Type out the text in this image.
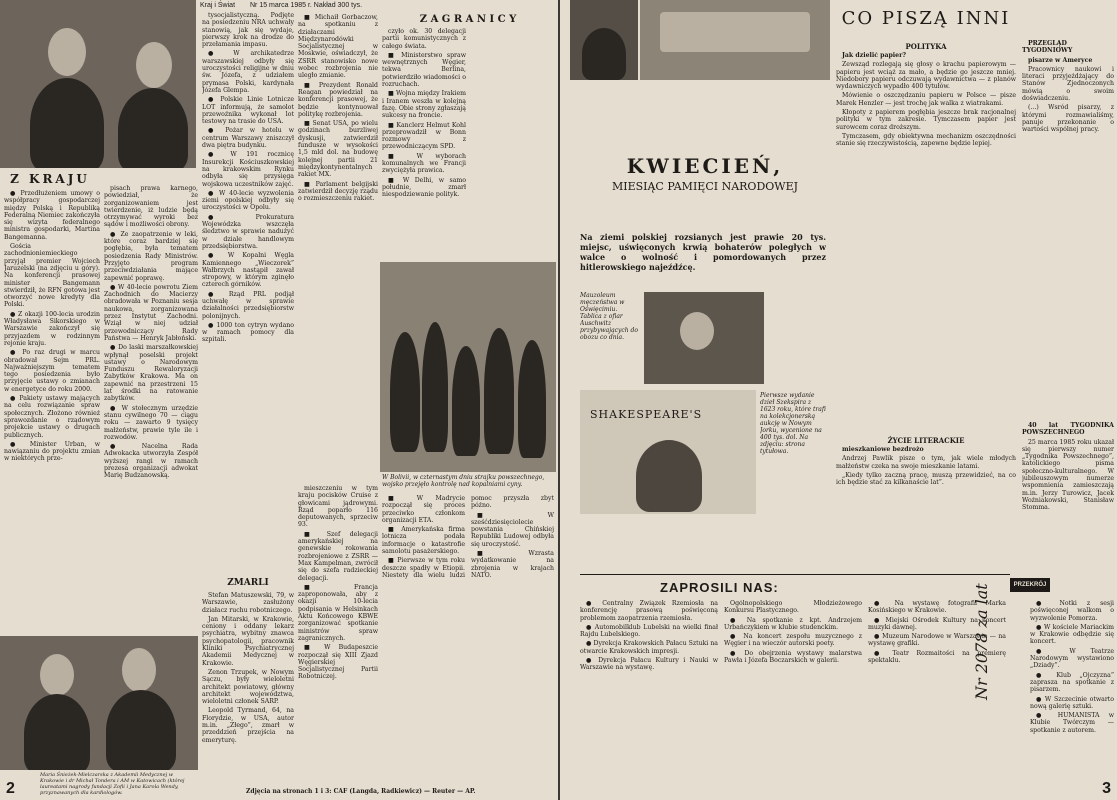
Kraj i Świat Nr 15 marca 1985 r. Nakład 300 tys.
Z KRAJU

● Przedłużeniem umowy o współpracy gospodarczej między Polską i Republiką Federalną Niemiec zakończyła się wizyta federalnego ministra gospodarki, Martina Bangemanna.

Gościa zachodnioniemieckiego przyjął premier Wojciech Jaruzelski (na zdjęciu u góry). Na konferencji prasowej minister Bangemann stwierdził, że RFN gotowa jest otworzyć nowe kredyty dla Polski.

● Z okazji 100-lecia urodzin Władysława Sikorskiego w Warszawie zakończył się przyjazdem w rodzinnym rejonie kraju.

● Po raz drugi w marcu obradował Sejm PRL. Najważniejszym tematem tego posiedzenia było przyjęcie ustawy o zmianach w energetyce do roku 2000.

● Pakiety ustawy mających na celu rozwiązanie spraw społecznych. Złożono również sprawozdanie o rządowym projekcie ustawy o drugach publicznych.

● Minister Urban, w nawiązaniu do projektu zmian w niektórych prze-

pisach prawa karnego, powiedział, że zorganizowaniem jest twierdzenie, iż ludzie będą otrzymywać wyroki bez sądów i możliwości obrony.

● Ze zaopatrzenie w leki, które coraz bardziej się pogłębia, była tematem posiedzenia Rady Ministrów. Przyjęto program przeciwdziałania mające zapewnić poprawę.

● W 40-lecie powrotu Ziem Zachodnich do Macierzy obradowała w Poznaniu sesja naukowa, zorganizowana przez Instytut Zachodni. Wziął w niej udział przewodniczący Rady Państwa — Henryk Jabłoński.

● Do laski marszałkowskiej wpłynął poselski projekt ustawy o Narodowym Funduszu Rewaloryzacji Zabytków Krakowa. Ma on zapewnić na przestrzeni 15 lat środki na ratowanie zabytków.

● W stołecznym urzędzie stanu cywilnego 70 — ciągu roku — zawarto 9 tysięcy małżeństw, prawie tyle ile i rozwodów.

● Nacelna Rada Adwokacka utworzyła Zespół wyższej rangi w ramach prezesa organizacji adwokat Marię Budzanowską.

tysocjalistyczną. Podjęte na posiedzeniu NRA uchwały stanowią, jak się wydaje, pierwszy krok na drodze do przełamania impasu.

● W archikatedrze warszawskiej odbyły się uroczystości religijne w dniu św. Józefa, z udziałem prymasa Polski, kardynała Józefa Glempa.

● Polskie Linie Lotnicze LOT informują, że samolot przewoźnika wykonał lot testowy na trasie do USA.

● Pożar w hotelu w centrum Warszawy zniszczył dwa piętra budynku.

● W 191 rocznicę Insurekcji Kościuszkowskiej na krakowskim Rynku odbyła się przysięga wojskowa uczestników zajęć.

● W 40-lecie wyzwolenia ziemi opolskiej odbyły się uroczystości w Opolu.

● Prokuratura Wojewódzka wszczęła śledztwo w sprawie nadużyć w dziale handlowym przedsiębiorstwa.

● W Kopalni Węgla Kamiennego „Wieczorek” Wałbrzych nastąpił zawał stropowy, w którym zginęło czterech górników.

● Rząd PRL podjął uchwałę w sprawie działalności przedsiębiorstw polonijnych.

● 1000 ton cytryn wydano w ramach pomocy dla szpitali.

Z A G R A N I C Y

■ Michaił Gorbaczow, na spotkaniu z działaczami Międzynarodówki Socjalistycznej w Moskwie, oświadczył, że ZSRR stanowisko nowe wobec rozbrojenia nie uległo zmianie.

■ Prezydent Ronald Reagan powiedział na konferencji prasowej, że będzie kontynuował politykę rozbrojenia.

■ Senat USA, po wielu godzinach burzliwej dyskusji, zatwierdził fundusze w wysokości 1,5 mld dol. na budowę kolejnej partii 21 międzykontynentalnych rakiet MX.

■ Parlament belgijski zatwierdził decyzję rządu o rozmieszczeniu rakiet.

czyło ok. 30 delegacji partii komunistycznych z całego świata.

■ Ministerstwo spraw wewnętrznych Węgier, tekwa Berlina, potwierdziło wiadomości o rozruchach.

■ Wojna między Irakiem i Iranem weszła w kolejną fazę. Obie strony zgłaszają sukcesy na froncie.

■ Kanclerz Helmut Kohl przeprowadził w Bonn rozmowy z przewodniczącym SPD.

■ W wyborach komunalnych we Francji zwyciężyła prawica.

■ W Delhi, w samo południe, zmarł niespodziewanie polityk.

W Bolivii, w czternastym dniu strajku powszechnego, wojsko przejęło kontrolę nad kopalniami cyny.

mieszczeniu w tym kraju pocisków Cruise z głowicami jądrowymi. Rząd poparło 116 deputowanych, sprzeciw 93.

■ Szef delegacji amerykańskiej na genewskie rokowania rozbrojeniowe z ZSRR — Max Kampelman, zwrócił się do szefa radzieckiej delegacji.

■ Francja zaproponowała, aby z okazji 10-lecia podpisania w Helsinkach Aktu Końcowego KBWE zorganizować spotkanie ministrów spraw zagranicznych.

■ W Budapeszcie rozpoczął się XIII Zjazd Węgierskiej Socjalistycznej Partii Robotniczej.

■ W Madrycie rozpoczął się proces przeciwko członkom organizacji ETA.

■ Amerykańska firma lotnicza podała informacje o katastrofie samolotu pasażerskiego.

■ Pierwsze w tym roku deszcze spadły w Etiopii. Niestety dla wielu ludzi pomoc przyszła zbyt późno.

■ W sześćdziesięciolecie powstania Chińskiej Republiki Ludowej odbyła się uroczystość.

■ Wzrasta wydatkowanie na zbrojenia w krajach NATO.

ZMARLI

Stefan Matuszewski, 79, w Warszawie, zasłużony działacz ruchu robotniczego.

Jan Mitarski, w Krakowie, ceniony i oddany lekarz psychiatra, wybitny znawca psychopatologii, pracownik Kliniki Psychiatrycznej Akademii Medycznej w Krakowie.

Zenon Trzupek, w Nowym Sączu, były wieloletni architekt powiatowy, główny architekt województwa, wieloletni członek SARP.

Leopold Tyrmand, 64, na Florydzie, w USA, autor m.in. „Złego”, zmarł w przeddzień przejścia na emeryturę.

Maria Śnieżek-Mielczarska z Akademii Medycznej w Krakowie i dr Michał Tondera i AM w Katowicach (której laureatami nagrody fundacji Zofii i Jana Karola Wendy, przyznawanych dla kardiologów.
2	Zdjęcia na stronach 1 i 3: CAF (Langda, Radkiewicz) — Reuter — AP.
KWIECIEŃ,
MIESIĄC PAMIĘCI NARODOWEJ
Na ziemi polskiej rozsianych jest prawie 20 tys. miejsc, uświęconych krwią bohaterów poległych w walce o wolność i pomordowanych przez hitlerowskiego najeźdźcę.
Mauzoleum męczeństwa w Oświęcimiu. Tablica z ofiar Auschwitz przybywających do obozu co dnia.
SHAKESPEARE'S
Pierwsze wydanie dzieł Szekspira z 1623 roku, które trafi na kolekcjonerską aukcję w Nowym Jorku, wycenione na 400 tys. dol. Na zdjęciu: strona tytułowa.
CO PISZĄ INNI
POLITYKA

Jak dzielić papier?

Zewsząd rozlegają się głosy o krachu papierowym — papieru jest wciąż za mało, a będzie go jeszcze mniej. Niedobory papieru odczuwają wydawnictwa — z planów wydawniczych wypadło 400 tytułów.

Mówienie o oszczędzaniu papieru w Polsce — pisze Marek Henzler — jest trochę jak walka z wiatrakami.

Kłopoty z papierem pogłębia jeszcze brak racjonalnej polityki w tym zakresie. Tymczasem papier jest surowcem coraz droższym.

Tymczasem, gdy obiektywna mechanizm oszczędności stanie się rzeczywistością, zapewne będzie lepiej.

ŻYCIE LITERACKIE

mieszkaniowe bezdrożo

Andrzej Pawlik pisze o tym, jak wiele młodych małżeństw czeka na swoje mieszkanie latami.

„Kiedy tylko zaczną pracę, muszą przewidzieć, na co ich będzie stać za kilkanaście lat”.

PRZEGLĄD TYGODNIOWY

pisarze w Ameryce

Pracownicy naukowi i literaci przyjeżdżający do Stanów Zjednoczonych mówią o swoim doświadczeniu.

(...) Wsród pisarzy, z którymi rozmawialiśmy, panuje przekonanie o wartości wspólnej pracy.

40 lat TYGODNIKA POWSZECHNEGO

25 marca 1985 roku ukazał się pierwszy numer „Tygodnika Powszechnego”, katolickiego pisma społeczno-kulturalnego. W jubileuszowym numerze wspomnienia zamieszczają m.in. Jerzy Turowicz, Jacek Woźniakowski, Stanisław Stomma.

ZAPROSILI NAS:

● Centralny Związek Rzemiosła na konferencję prasową poświęconą problemom zaopatrzenia rzemiosła.

● Automobilklub Lubelski na wielki finał Rajdu Lubelskiego.

● Dyrekcja Krakowskich Pałacu Sztuki na otwarcie Krakowskich impresji.

● Dyrekcja Pałacu Kultury i Nauki w Warszawie na wystawę.

Ogólnopolskiego Młodzieżowego Konkursu Plastycznego.

● Na spotkanie z kpt. Andrzejem Urbańczykiem w klubie studenckim.

● Na koncert zespołu muzycznego z Węgier i na wieczór autorski poety.

● Do obejrzenia wystawy malarstwa Pawła i Józefa Boczarskich w galerii.

● Na wystawę fotografii Marka Kosińskiego w Krakowie.

● Miejski Ośrodek Kultury na koncert muzyki dawnej.

● Muzeum Narodowe w Warszawie — na wystawę grafiki.

● Teatr Rozmaitości na premierę spektaklu.

PRZEKRÓJ
Nr 2078 za lat	● Notki z sesji poświęconej walkom o wyzwolenie Pomorza.

● W kościele Mariackim w Krakowie odbędzie się koncert.

● W Teatrze Narodowym wystawiono „Dziady”.

● Klub „Ojczyzna” zaprasza na spotkanie z pisarzem.

● W Szczecinie otwarto nową galerię sztuki.

● HUMANISTA w Klubie Twórczym — spotkanie z autorem.

3
